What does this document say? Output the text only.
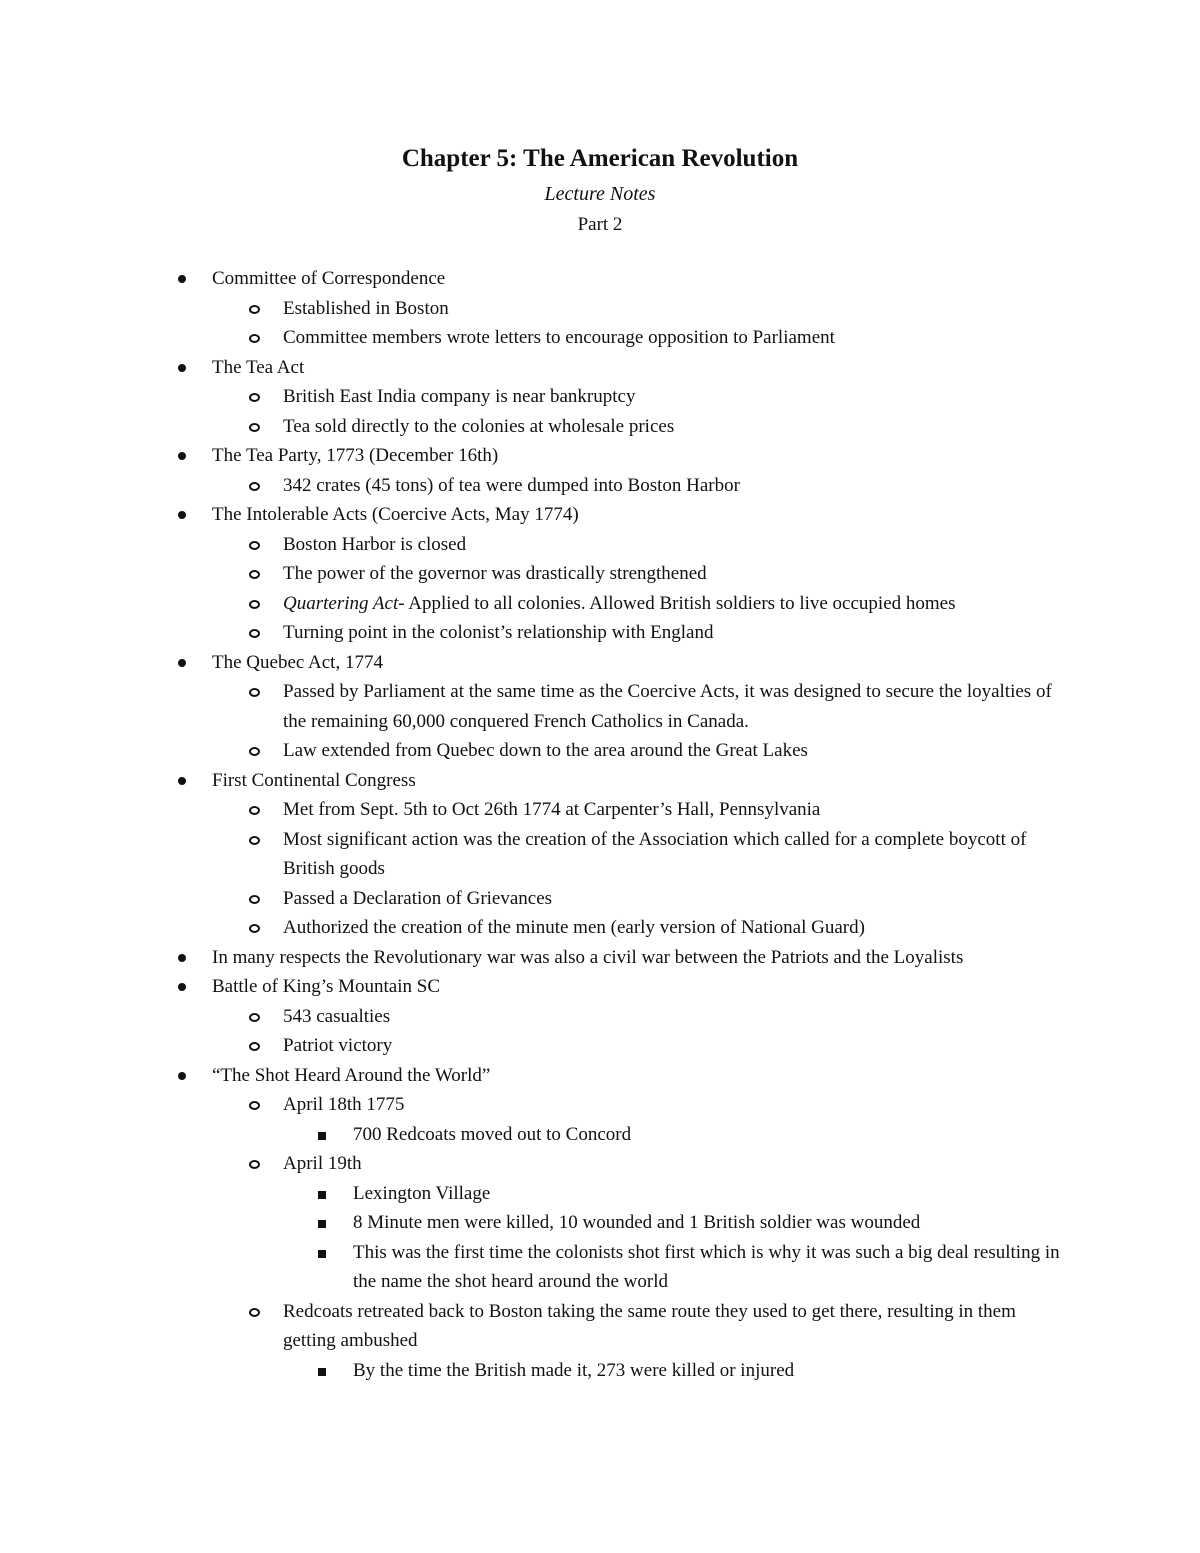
Chapter 5: The American Revolution
Lecture Notes
Part 2
Committee of Correspondence
Established in Boston
Committee members wrote letters to encourage opposition to Parliament
The Tea Act
British East India company is near bankruptcy
Tea sold directly to the colonies at wholesale prices
The Tea Party, 1773 (December 16th)
342 crates (45 tons) of tea were dumped into Boston Harbor
The Intolerable Acts (Coercive Acts, May 1774)
Boston Harbor is closed
The power of the governor was drastically strengthened
Quartering Act- Applied to all colonies. Allowed British soldiers to live occupied homes
Turning point in the colonist’s relationship with England
The Quebec Act, 1774
Passed by Parliament at the same time as the Coercive Acts, it was designed to secure the loyalties of the remaining 60,000 conquered French Catholics in Canada.
Law extended from Quebec down to the area around the Great Lakes
First Continental Congress
Met from Sept. 5th to Oct 26th 1774 at Carpenter’s Hall, Pennsylvania
Most significant action was the creation of the Association which called for a complete boycott of British goods
Passed a Declaration of Grievances
Authorized the creation of the minute men (early version of National Guard)
In many respects the Revolutionary war was also a civil war between the Patriots and the Loyalists
Battle of King’s Mountain SC
543 casualties
Patriot victory
“The Shot Heard Around the World”
April 18th 1775
700 Redcoats moved out to Concord
April 19th
Lexington Village
8 Minute men were killed, 10 wounded and 1 British soldier was wounded
This was the first time the colonists shot first which is why it was such a big deal resulting in the name the shot heard around the world
Redcoats retreated back to Boston taking the same route they used to get there, resulting in them getting ambushed
By the time the British made it, 273 were killed or injured
